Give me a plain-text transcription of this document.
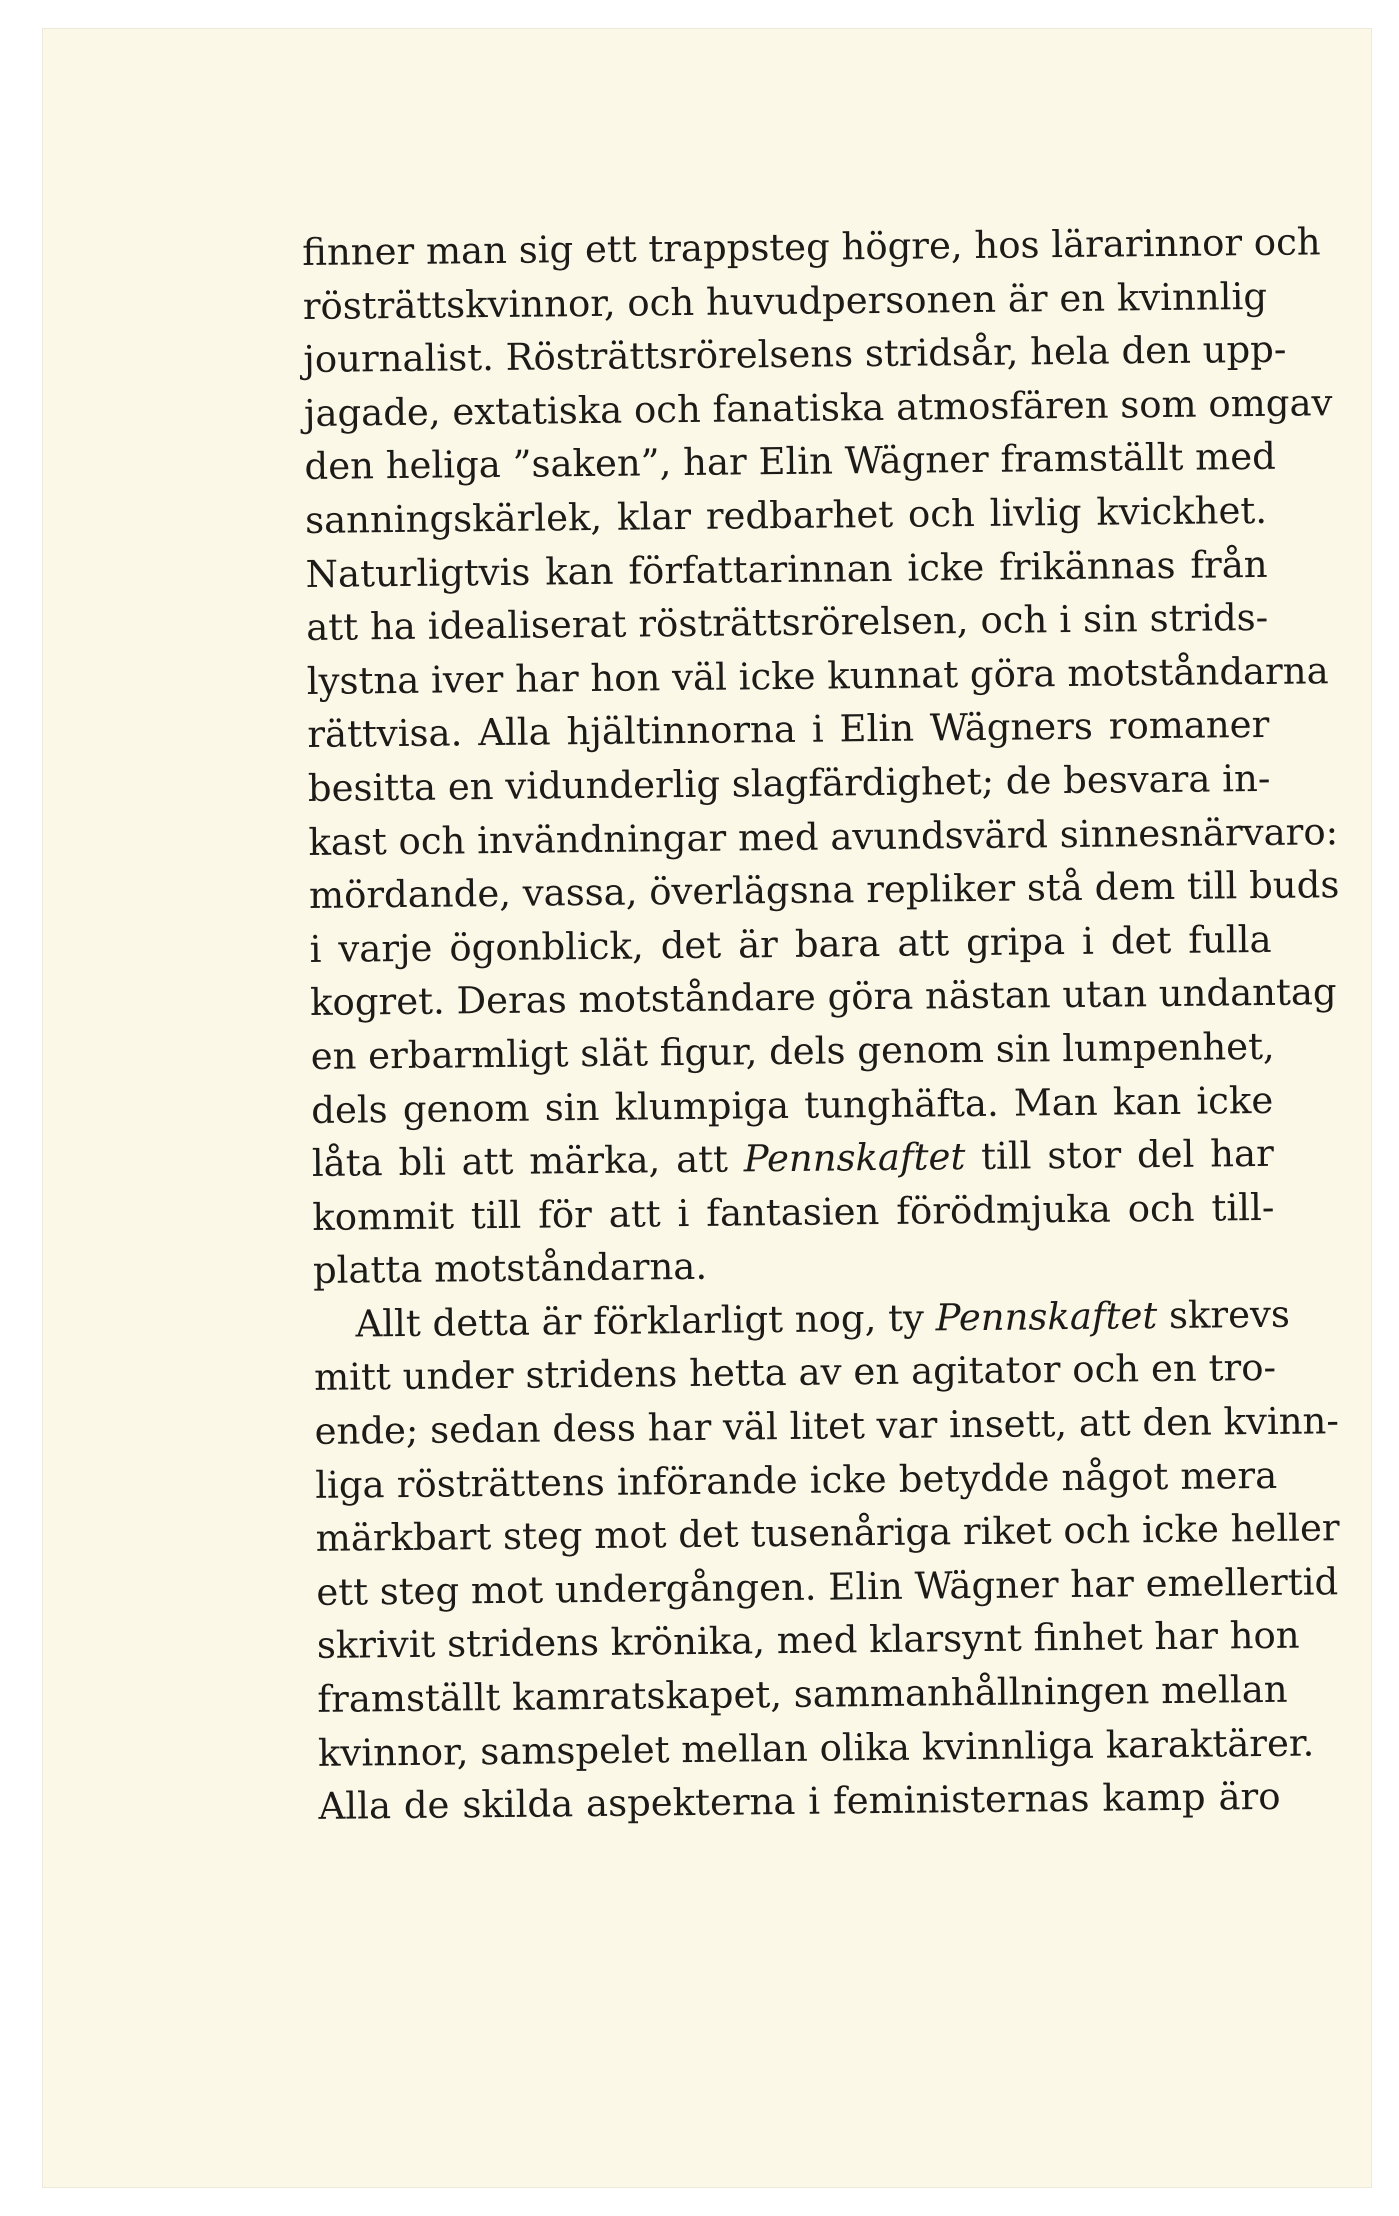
finner man sig ett trappsteg högre, hos lärarinnor och
rösträttskvinnor, och huvudpersonen är en kvinnlig
journalist. Rösträttsrörelsens stridsår, hela den upp-
jagade, extatiska och fanatiska atmosfären som omgav
den heliga ”saken”, har Elin Wägner framställt med
sanningskärlek, klar redbarhet och livlig kvickhet.
Naturligtvis kan författarinnan icke frikännas från
att ha idealiserat rösträttsrörelsen, och i sin strids-
lystna iver har hon väl icke kunnat göra motståndarna
rättvisa. Alla hjältinnorna i Elin Wägners romaner
besitta en vidunderlig slagfärdighet; de besvara in-
kast och invändningar med avundsvärd sinnesnärvaro:
mördande, vassa, överlägsna repliker stå dem till buds
i varje ögonblick, det är bara att gripa i det fulla
kogret. Deras motståndare göra nästan utan undantag
en erbarmligt slät figur, dels genom sin lumpenhet,
dels genom sin klumpiga tunghäfta. Man kan icke
låta bli att märka, att Pennskaftet till stor del har
kommit till för att i fantasien förödmjuka och till-
platta motståndarna.
Allt detta är förklarligt nog, ty Pennskaftet skrevs
mitt under stridens hetta av en agitator och en tro-
ende; sedan dess har väl litet var insett, att den kvinn-
liga rösträttens införande icke betydde något mera
märkbart steg mot det tusenåriga riket och icke heller
ett steg mot undergången. Elin Wägner har emellertid
skrivit stridens krönika, med klarsynt finhet har hon
framställt kamratskapet, sammanhållningen mellan
kvinnor, samspelet mellan olika kvinnliga karaktärer.
Alla de skilda aspekterna i feministernas kamp äro
